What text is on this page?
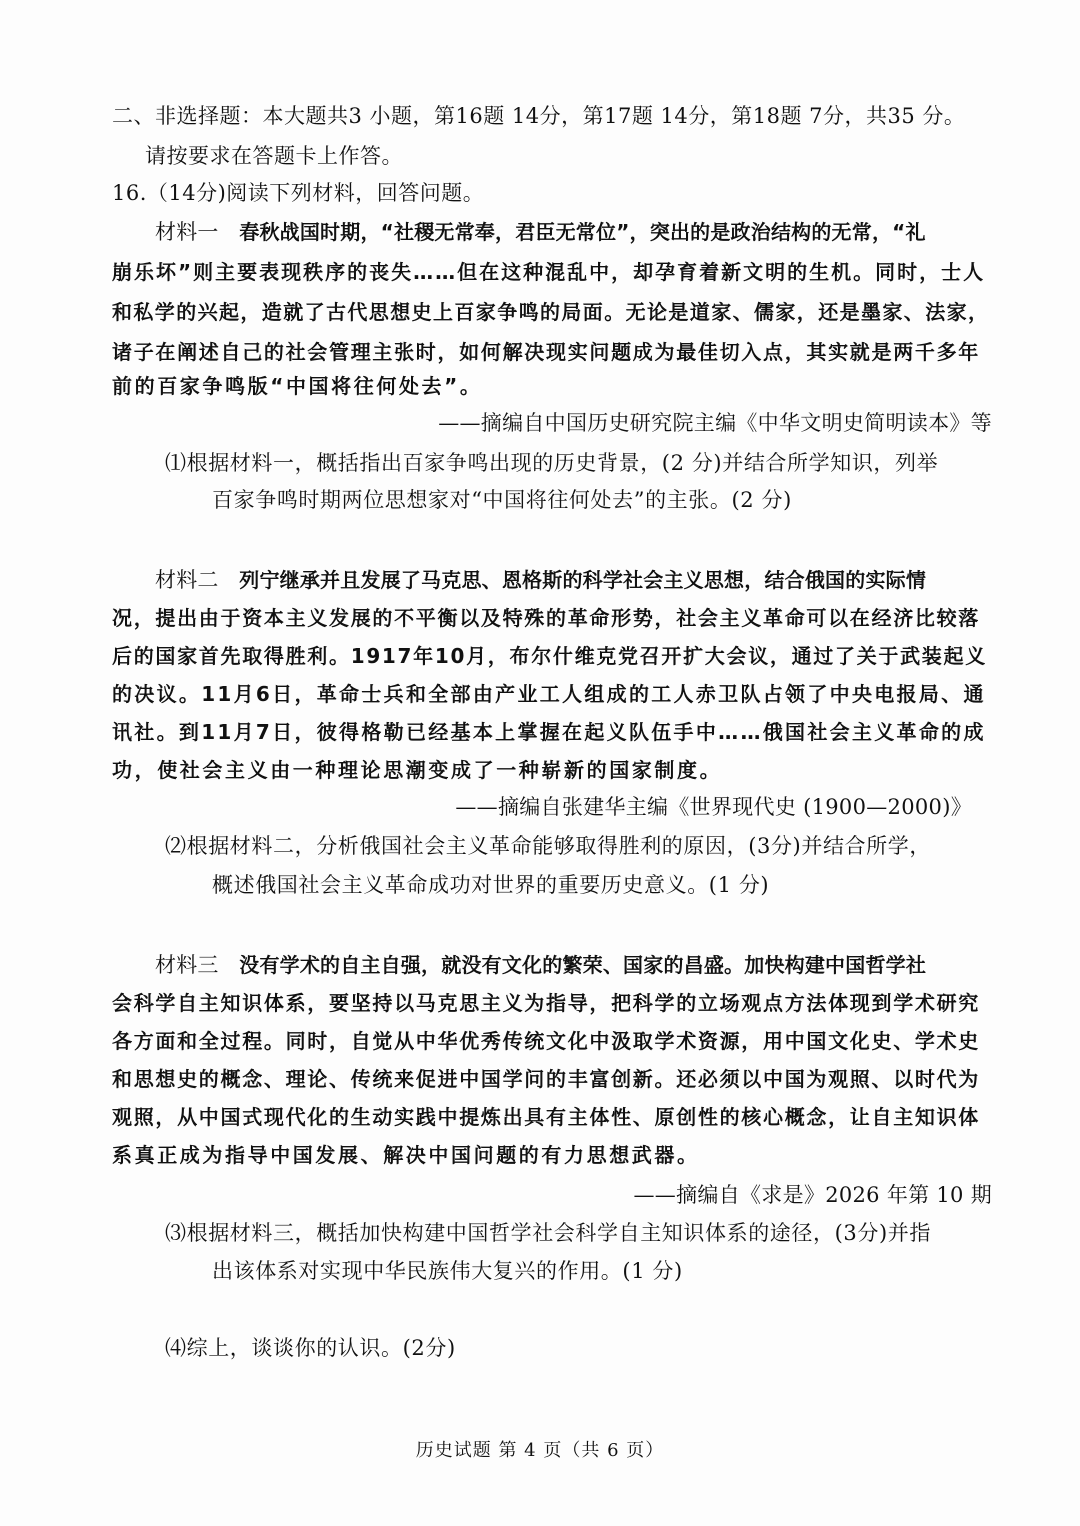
二、非选择题：本大题共3 小题，第16题 14分，第17题 14分，第18题 7分，共35 分。

请按要求在答题卡上作答。

16.（14分)阅读下列材料，回答问题。

材料一 春秋战国时期，“社稷无常奉，君臣无常位”，突出的是政治结构的无常，“礼

崩乐坏”则主要表现秩序的丧失……但在这种混乱中，却孕育着新文明的生机。同时，士人

和私学的兴起，造就了古代思想史上百家争鸣的局面。无论是道家、儒家，还是墨家、法家，

诸子在阐述自己的社会管理主张时，如何解决现实问题成为最佳切入点，其实就是两千多年

前的百家争鸣版“中国将往何处去”。

——摘编自中国历史研究院主编《中华文明史简明读本》等

⑴根据材料一，概括指出百家争鸣出现的历史背景，(2 分)并结合所学知识，列举

百家争鸣时期两位思想家对“中国将往何处去”的主张。(2 分)

材料二 列宁继承并且发展了马克思、恩格斯的科学社会主义思想，结合俄国的实际情

况，提出由于资本主义发展的不平衡以及特殊的革命形势，社会主义革命可以在经济比较落

后的国家首先取得胜利。1917年10月，布尔什维克党召开扩大会议，通过了关于武装起义

的决议。11月6日，革命士兵和全部由产业工人组成的工人赤卫队占领了中央电报局、通

讯社。到11月7日，彼得格勒已经基本上掌握在起义队伍手中……俄国社会主义革命的成

功，使社会主义由一种理论思潮变成了一种崭新的国家制度。

——摘编自张建华主编《世界现代史 (1900—2000)》

⑵根据材料二，分析俄国社会主义革命能够取得胜利的原因，(3分)并结合所学，

概述俄国社会主义革命成功对世界的重要历史意义。(1 分)

材料三 没有学术的自主自强，就没有文化的繁荣、国家的昌盛。加快构建中国哲学社

会科学自主知识体系，要坚持以马克思主义为指导，把科学的立场观点方法体现到学术研究

各方面和全过程。同时，自觉从中华优秀传统文化中汲取学术资源，用中国文化史、学术史

和思想史的概念、理论、传统来促进中国学问的丰富创新。还必须以中国为观照、以时代为

观照，从中国式现代化的生动实践中提炼出具有主体性、原创性的核心概念，让自主知识体

系真正成为指导中国发展、解决中国问题的有力思想武器。

——摘编自《求是》2026 年第 10 期

⑶根据材料三，概括加快构建中国哲学社会科学自主知识体系的途径，(3分)并指

出该体系对实现中华民族伟大复兴的作用。(1 分)

⑷综上，谈谈你的认识。(2分)

历史试题 第 4 页（共 6 页）
